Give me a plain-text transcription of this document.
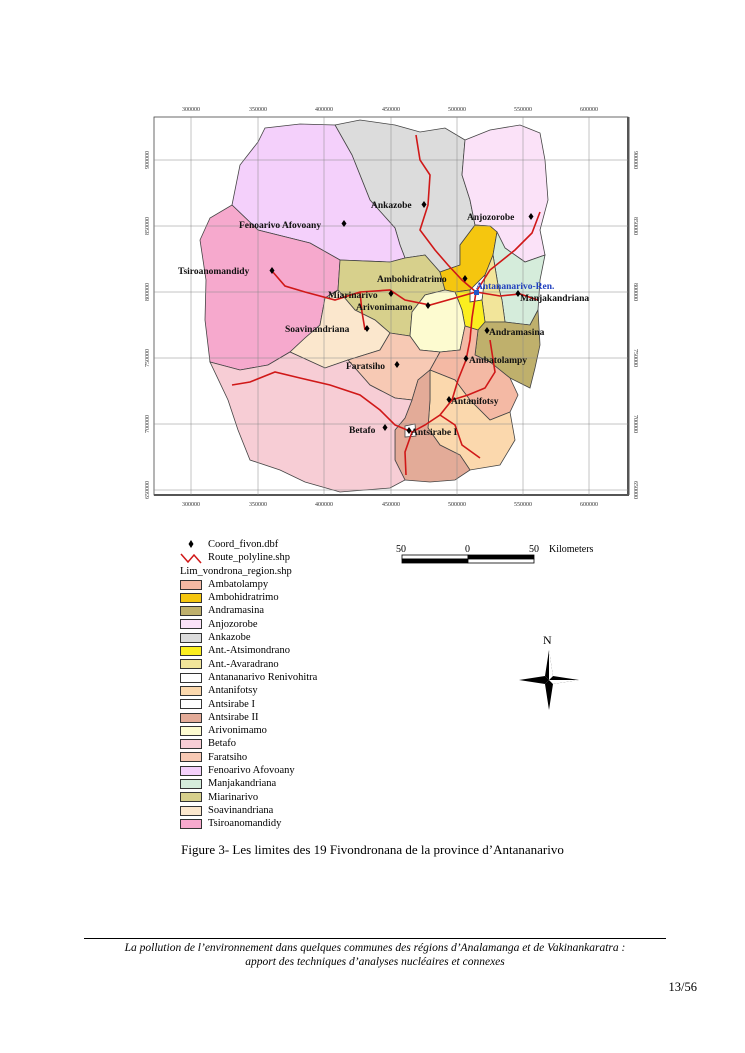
300000	350000	400000	450000	500000	550000	600000
300000	350000	400000	450000	500000	550000	600000
900000
850000
800000
750000
700000
650000
900000
850000
800000
750000
700000
650000
Ankazobe
Anjozorobe
Fenoarivo Afovoany
Tsiroanomandidy
Ambohidratrimo
Antananarivo-Ren.
Miarinarivo	Manjakandriana
Arivonimamo
Soavinandriana	Andramasina
Ambatolampy
Faratsiho
Antanifotsy
Betafo	Antsirabe I
50	0	50 Kilometers
N
Coord_fivon.dbf
Route_polyline.shp
Lim_vondrona_region.shp
Ambatolampy
Ambohidratrimo
Andramasina
Anjozorobe
Ankazobe
Ant.-Atsimondrano
Ant.-Avaradrano
Antananarivo Renivohitra
Antanifotsy
Antsirabe I
Antsirabe II
Arivonimamo
Betafo
Faratsiho
Fenoarivo Afovoany
Manjakandriana
Miarinarivo
Soavinandriana
Tsiroanomandidy
Figure 3- Les limites des 19 Fivondronana de la province d’Antananarivo
La pollution de l’environnement dans quelques communes des régions d’Analamanga et de Vakinankaratra :
apport des techniques d’analyses nucléaires et connexes
13/56
